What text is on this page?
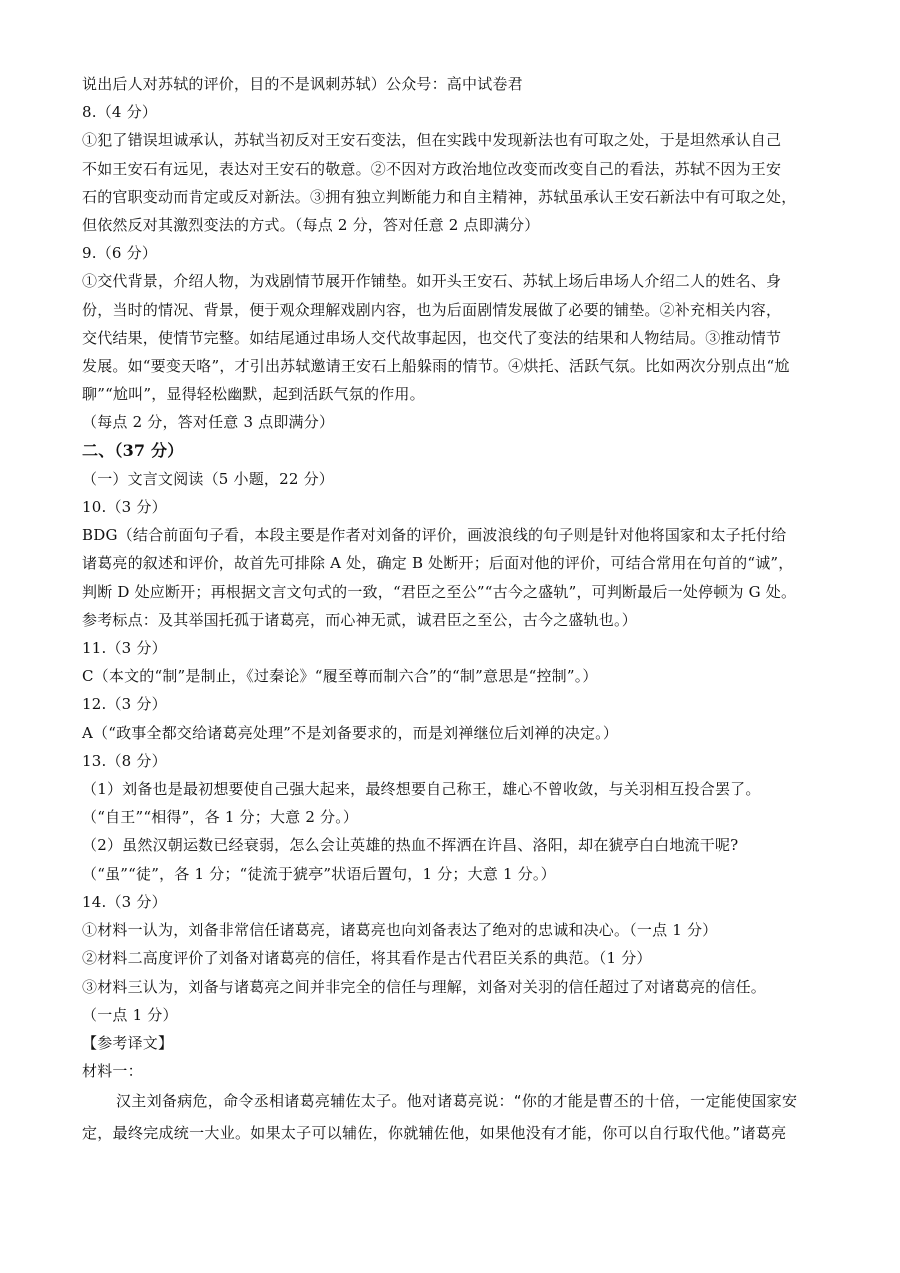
说出后人对苏轼的评价，目的不是讽刺苏轼）公众号：高中试卷君
8.（4 分）
①犯了错误坦诚承认，苏轼当初反对王安石变法，但在实践中发现新法也有可取之处，于是坦然承认自己
不如王安石有远见，表达对王安石的敬意。②不因对方政治地位改变而改变自己的看法，苏轼不因为王安
石的官职变动而肯定或反对新法。③拥有独立判断能力和自主精神，苏轼虽承认王安石新法中有可取之处，
但依然反对其激烈变法的方式。（每点 2 分，答对任意 2 点即满分）
9.（6 分）
①交代背景，介绍人物，为戏剧情节展开作铺垫。如开头王安石、苏轼上场后串场人介绍二人的姓名、身
份，当时的情况、背景，便于观众理解戏剧内容，也为后面剧情发展做了必要的铺垫。②补充相关内容，
交代结果，使情节完整。如结尾通过串场人交代故事起因，也交代了变法的结果和人物结局。③推动情节
发展。如“要变天咯”，才引出苏轼邀请王安石上船躲雨的情节。④烘托、活跃气氛。比如两次分别点出“尬
聊”“尬叫”，显得轻松幽默，起到活跃气氛的作用。
（每点 2 分，答对任意 3 点即满分）
二、（37 分）
（一）文言文阅读（5 小题，22 分）
10.（3 分）
BDG（结合前面句子看，本段主要是作者对刘备的评价，画波浪线的句子则是针对他将国家和太子托付给
诸葛亮的叙述和评价，故首先可排除 A 处，确定 B 处断开；后面对他的评价，可结合常用在句首的“诚”，
判断 D 处应断开；再根据文言文句式的一致，“君臣之至公”“古今之盛轨”，可判断最后一处停顿为 G 处。
参考标点：及其举国托孤于诸葛亮，而心神无贰，诚君臣之至公，古今之盛轨也。）
11.（3 分）
C（本文的“制”是制止，《过秦论》“履至尊而制六合”的“制”意思是“控制”。）
12.（3 分）
A（“政事全都交给诸葛亮处理”不是刘备要求的，而是刘禅继位后刘禅的决定。）
13.（8 分）
（1）刘备也是最初想要使自己强大起来，最终想要自己称王，雄心不曾收敛，与关羽相互投合罢了。
（“自王”“相得”，各 1 分；大意 2 分。）
（2）虽然汉朝运数已经衰弱，怎么会让英雄的热血不挥洒在许昌、洛阳，却在猇亭白白地流干呢?
（“虽”“徒”，各 1 分；“徒流于猇亭”状语后置句，1 分；大意 1 分。）
14.（3 分）
①材料一认为，刘备非常信任诸葛亮，诸葛亮也向刘备表达了绝对的忠诚和决心。（一点 1 分）
②材料二高度评价了刘备对诸葛亮的信任，将其看作是古代君臣关系的典范。（1 分）
③材料三认为，刘备与诸葛亮之间并非完全的信任与理解，刘备对关羽的信任超过了对诸葛亮的信任。
（一点 1 分）
【参考译文】
材料一：
汉主刘备病危，命令丞相诸葛亮辅佐太子。他对诸葛亮说：“你的才能是曹丕的十倍，一定能使国家安
定，最终完成统一大业。如果太子可以辅佐，你就辅佐他，如果他没有才能，你可以自行取代他。”诸葛亮
